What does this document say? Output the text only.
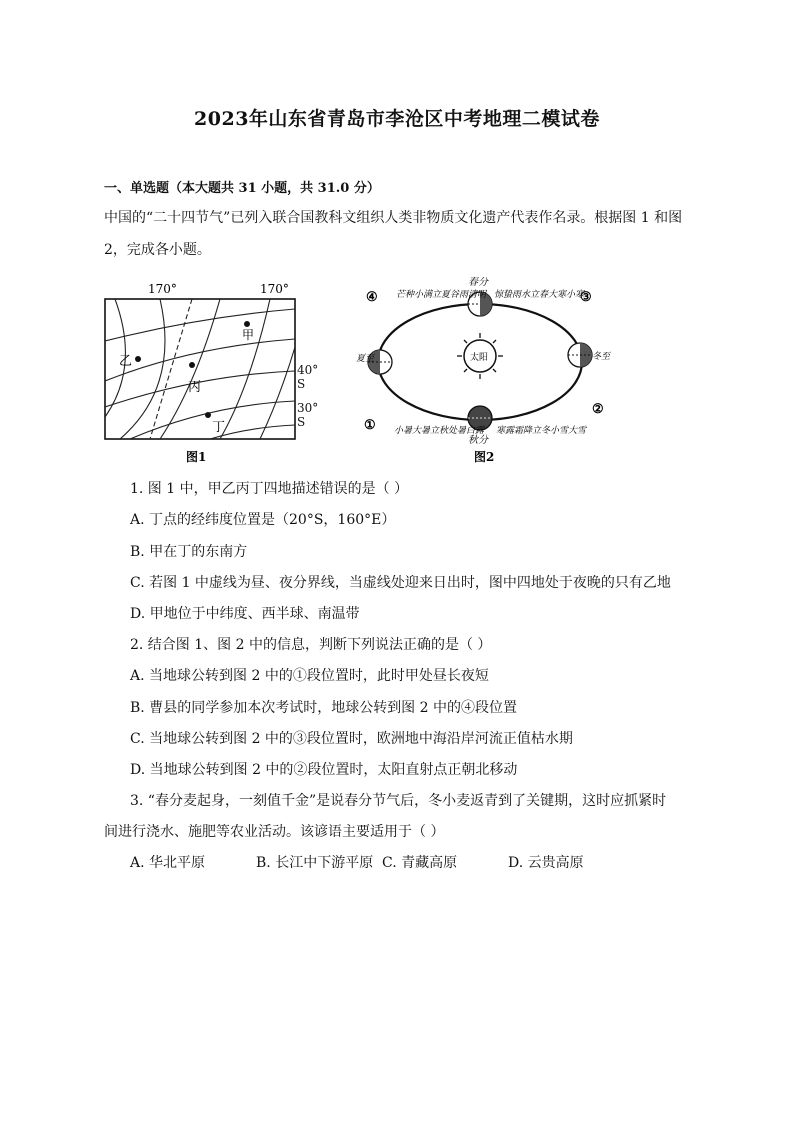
2023年山东省青岛市李沧区中考地理二模试卷
一、单选题（本大题共 31 小题，共 31.0 分）
中国的“二十四节气”已列入联合国教科文组织人类非物质文化遗产代表作名录。根据图 1 和图
2，完成各小题。
170°	170°
甲
乙
丙
丁
图1
40° S
30° S
太阳
春分
夏至	冬至
秋分
芒种小满立夏谷雨清明 惊蛰雨水立春大寒小寒
小暑大暑立秋处暑白露 寒露霜降立冬小雪大雪
④	③
①
②
图2
1. 图 1 中，甲乙丙丁四地描述错误的是（ ）
A. 丁点的经纬度位置是（20°S，160°E）
B. 甲在丁的东南方
C. 若图 1 中虚线为昼、夜分界线，当虚线处迎来日出时，图中四地处于夜晚的只有乙地
D. 甲地位于中纬度、西半球、南温带
2. 结合图 1、图 2 中的信息，判断下列说法正确的是（ ）
A. 当地球公转到图 2 中的①段位置时，此时甲处昼长夜短
B. 曹县的同学参加本次考试时，地球公转到图 2 中的④段位置
C. 当地球公转到图 2 中的③段位置时，欧洲地中海沿岸河流正值枯水期
D. 当地球公转到图 2 中的②段位置时，太阳直射点正朝北移动
3. “春分麦起身，一刻值千金”是说春分节气后，冬小麦返青到了关键期，这时应抓紧时
间进行浇水、施肥等农业活动。该谚语主要适用于（ ）
A. 华北平原	B. 长江中下游平原 C. 青藏高原	D. 云贵高原
